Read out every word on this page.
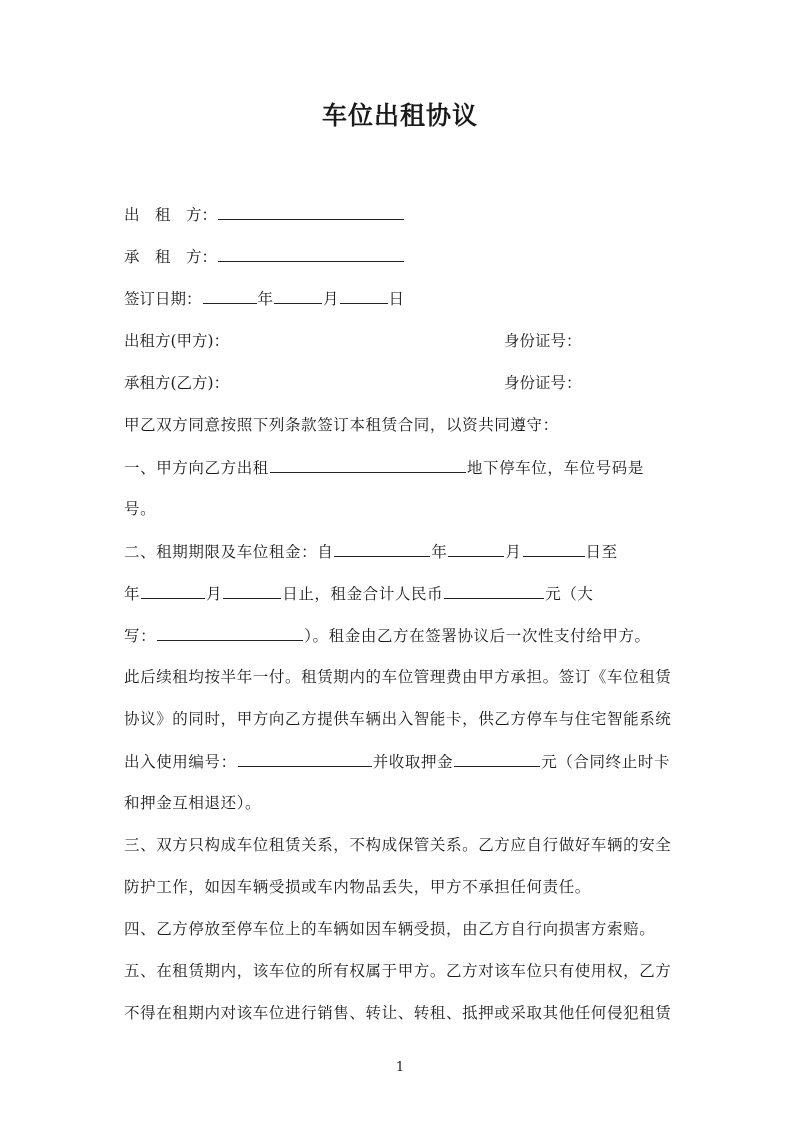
车位出租协议
出　租　方：
承　租　方：
签订日期：	年	月	日
出租方(甲方)：	身份证号：
承租方(乙方)：	身份证号：
甲乙双方同意按照下列条款签订本租赁合同，以资共同遵守：
一、甲方向乙方出租	地下停车位，车位号码是
号。
二、租期期限及车位租金：自	年	月	日至
年	月	日止，租金合计人民币	元（大
写：	）。租金由乙方在签署协议后一次性支付给甲方。
此后续租均按半年一付。租赁期内的车位管理费由甲方承担。签订《车位租赁
协议》的同时，甲方向乙方提供车辆出入智能卡，供乙方停车与住宅智能系统
出入使用编号：	并收取押金	元（合同终止时卡
和押金互相退还）。
三、双方只构成车位租赁关系，不构成保管关系。乙方应自行做好车辆的安全
防护工作，如因车辆受损或车内物品丢失，甲方不承担任何责任。
四、乙方停放至停车位上的车辆如因车辆受损，由乙方自行向损害方索赔。
五、在租赁期内，该车位的所有权属于甲方。乙方对该车位只有使用权，乙方
不得在租期内对该车位进行销售、转让、转租、抵押或采取其他任何侵犯租赁
1
